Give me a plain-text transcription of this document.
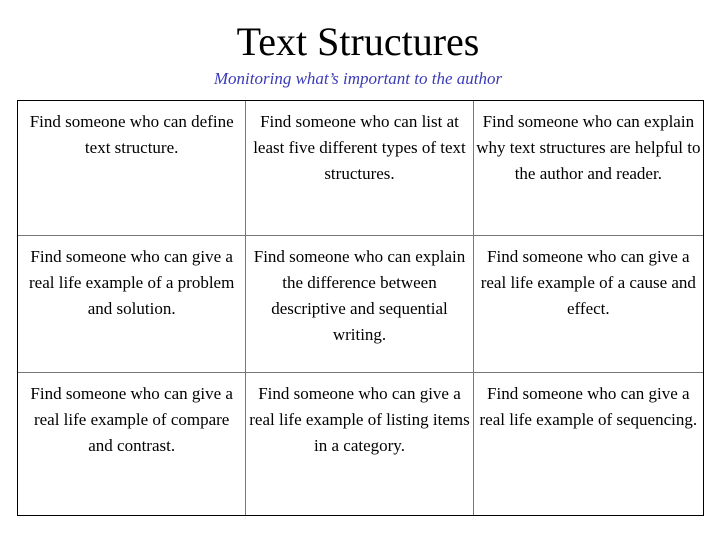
Text Structures
Monitoring what’s important to the author
Find someone who can define text structure.
Find someone who can list at least five different types of text structures.
Find someone who can explain why text structures are helpful to the author and reader.
Find someone who can give a real life example of a problem and solution.
Find someone who can explain the difference between descriptive and sequential writing.
Find someone who can give a real life example of a cause and effect.
Find someone who can give a real life example of compare and contrast.
Find someone who can give a real life example of listing items in a category.
Find someone who can give a real life example of sequencing.
